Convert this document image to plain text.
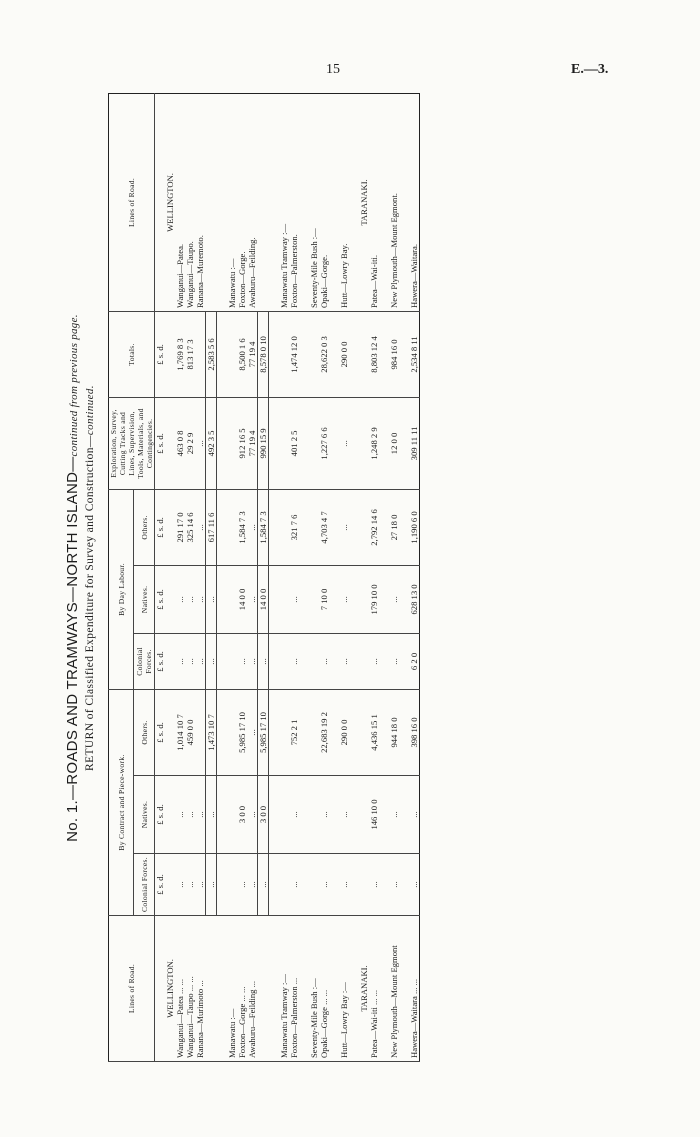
15	E.—3.
No. 1.—ROADS AND TRAMWAYS—NORTH ISLAND—continued from previous page.
RETURN of Classified Expenditure for Survey and Construction—continued.
Lines of Road.	By Contract and Piece-work.			By Day Labour.			Exploration, Survey, Cutting Tracks and Lines, Supervision, Tools, Materials, and Contingencies.	Totals.	Lines of Road.
	Colonial Forces.	Natives.	Others.	Colonial Forces.	Natives.	Others.			
	£ s. d.	£ s. d.	£ s. d.	£ s. d.	£ s. d.	£ s. d.	£ s. d.	£ s. d.	
WELLINGTON.									WELLINGTON.
Wanganui—Patea ... ...	...	...	1,014 10 7	...	...	291 17 0	463 0 8	1,769 8 3	Wanganui—Patea.
Wanganui—Taupo ... ...	...	...	459 0 0	...	...	325 14 6	29 2 9	813 17 3	Wanganui—Taupo.
Ranana—Murimoto ...	...	...		...	...	...	...		Ranana—Muremoto.
	...	...	1,473 10 7	...	...	617 11 6	492 3 5	2,583 5 6	

Manawatu :—									Manawatu :—
Foxton—Gorge ... ...	...	3 0 0	5,985 17 10	...	14 0 0	1,584 7 3	912 16 5	8,500 1 6	Foxton—Gorge.
Awahuru—Feilding ...	...	...	...	...	...	...	77 19 4	77 19 4	Awahuru—Feilding.
	...	3 0 0	5,985 17 10	...	14 0 0	1,584 7 3	990 15 9	8,578 0 10	

Manawatu Tramway :—									Manawatu Tramway :—
Foxton—Palmerston ...	...	...	752 2 1	...	...	321 7 6	401 2 5	1,474 12 0	Foxton—Palmerston.

Seventy-Mile Bush :—									Seventy-Mile Bush :—
Opaki—Gorge ... ...	...	...	22,683 19 2	...	7 10 0	4,703 4 7	1,227 6 6	28,622 0 3	Opaki—Gorge.

Hutt—Lowry Bay :—	...	...	290 0 0	...	...	...	...	290 0 0	Hutt—Lowry Bay.

TARANAKI.									TARANAKI.
Patea—Wai-iti ... ...	...	146 10 0	4,436 15 1	...	179 10 0	2,792 14 6	1,248 2 9	8,803 12 4	Patea—Wai-iti.

New Plymouth—Mount Egmont	...	...	944 18 0	...	...	27 18 0	12 0 0	984 16 0	New Plymouth—Mount Egmont.

Hawera—Waitara ... ...	...	...	398 16 0	6 2 0	628 13 0	1,190 6 0	309 11 11	2,534 8 11	Hawera—Waitara.
